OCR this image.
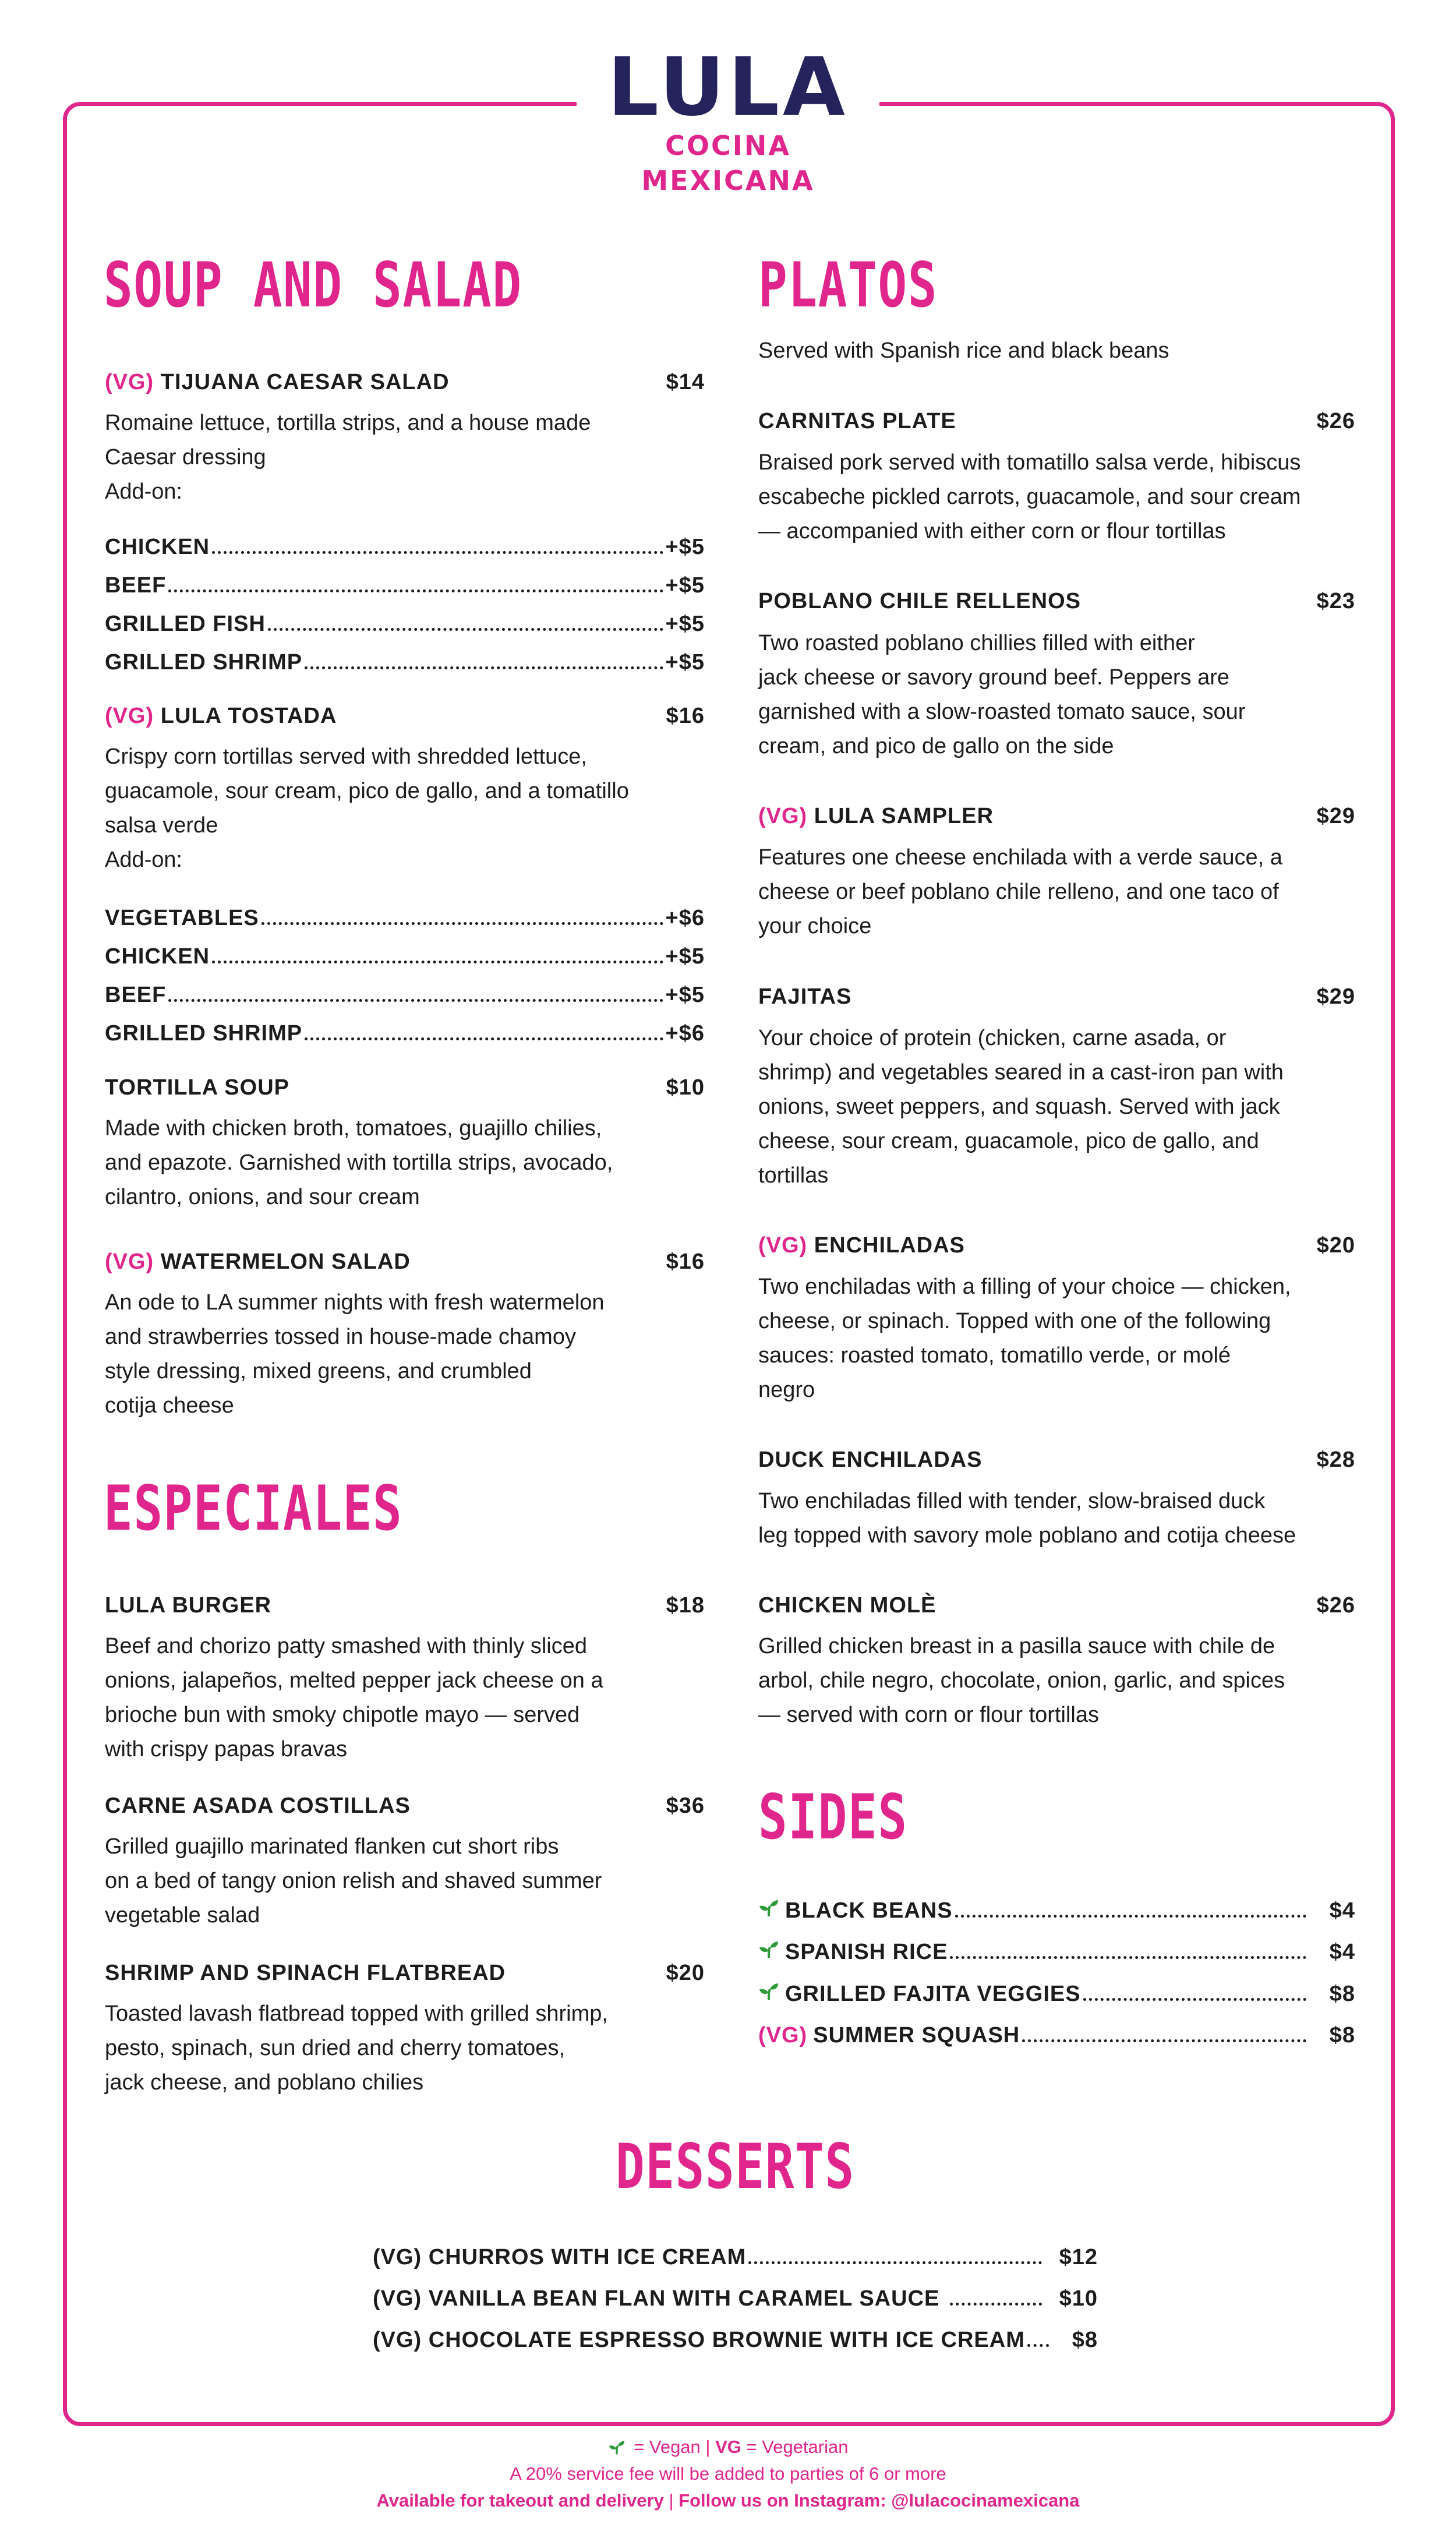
LULA
COCINA MEXICANA
SOUP AND SALAD
(VG) TIJUANA CAESAR SALAD	$14
Romaine lettuce, tortilla strips, and a house made
Caesar dressing
Add-on:
CHICKEN	+$5
BEEF	+$5
GRILLED FISH	+$5
GRILLED SHRIMP	+$5
(VG) LULA TOSTADA	$16
Crispy corn tortillas served with shredded lettuce,
guacamole, sour cream, pico de gallo, and a tomatillo
salsa verde
Add-on:
VEGETABLES	+$6
CHICKEN	+$5
BEEF	+$5
GRILLED SHRIMP	+$6
TORTILLA SOUP	$10
Made with chicken broth, tomatoes, guajillo chilies,
and epazote. Garnished with tortilla strips, avocado,
cilantro, onions, and sour cream
(VG) WATERMELON SALAD	$16
An ode to LA summer nights with fresh watermelon
and strawberries tossed in house-made chamoy
style dressing, mixed greens, and crumbled
cotija cheese
ESPECIALES
LULA BURGER	$18
Beef and chorizo patty smashed with thinly sliced
onions, jalapeños, melted pepper jack cheese on a
brioche bun with smoky chipotle mayo — served
with crispy papas bravas
CARNE ASADA COSTILLAS	$36
Grilled guajillo marinated flanken cut short ribs
on a bed of tangy onion relish and shaved summer
vegetable salad
SHRIMP AND SPINACH FLATBREAD	$20
Toasted lavash flatbread topped with grilled shrimp,
pesto, spinach, sun dried and cherry tomatoes,
jack cheese, and poblano chilies
PLATOS
Served with Spanish rice and black beans
CARNITAS PLATE	$26
Braised pork served with tomatillo salsa verde, hibiscus
escabeche pickled carrots, guacamole, and sour cream
— accompanied with either corn or flour tortillas
POBLANO CHILE RELLENOS	$23
Two roasted poblano chillies filled with either
jack cheese or savory ground beef. Peppers are
garnished with a slow-roasted tomato sauce, sour
cream, and pico de gallo on the side
(VG) LULA SAMPLER	$29
Features one cheese enchilada with a verde sauce, a
cheese or beef poblano chile relleno, and one taco of
your choice
FAJITAS	$29
Your choice of protein (chicken, carne asada, or
shrimp) and vegetables seared in a cast-iron pan with
onions, sweet peppers, and squash. Served with jack
cheese, sour cream, guacamole, pico de gallo, and
tortillas
(VG) ENCHILADAS	$20
Two enchiladas with a filling of your choice — chicken,
cheese, or spinach. Topped with one of the following
sauces: roasted tomato, tomatillo verde, or molé
negro
DUCK ENCHILADAS	$28
Two enchiladas filled with tender, slow-braised duck
leg topped with savory mole poblano and cotija cheese
CHICKEN MOLÈ	$26
Grilled chicken breast in a pasilla sauce with chile de
arbol, chile negro, chocolate, onion, garlic, and spices
— served with corn or flour tortillas
SIDES
BLACK BEANS	$4
SPANISH RICE	$4
GRILLED FAJITA VEGGIES	$8
(VG) SUMMER SQUASH	$8
DESSERTS
(VG) CHURROS WITH ICE CREAM	$12
(VG) VANILLA BEAN FLAN WITH CARAMEL SAUCE	$10
(VG) CHOCOLATE ESPRESSO BROWNIE WITH ICE CREAM $8
= Vegan | VG = Vegetarian
A 20% service fee will be added to parties of 6 or more
Available for takeout and delivery | Follow us on Instagram: @lulacocinamexicana
